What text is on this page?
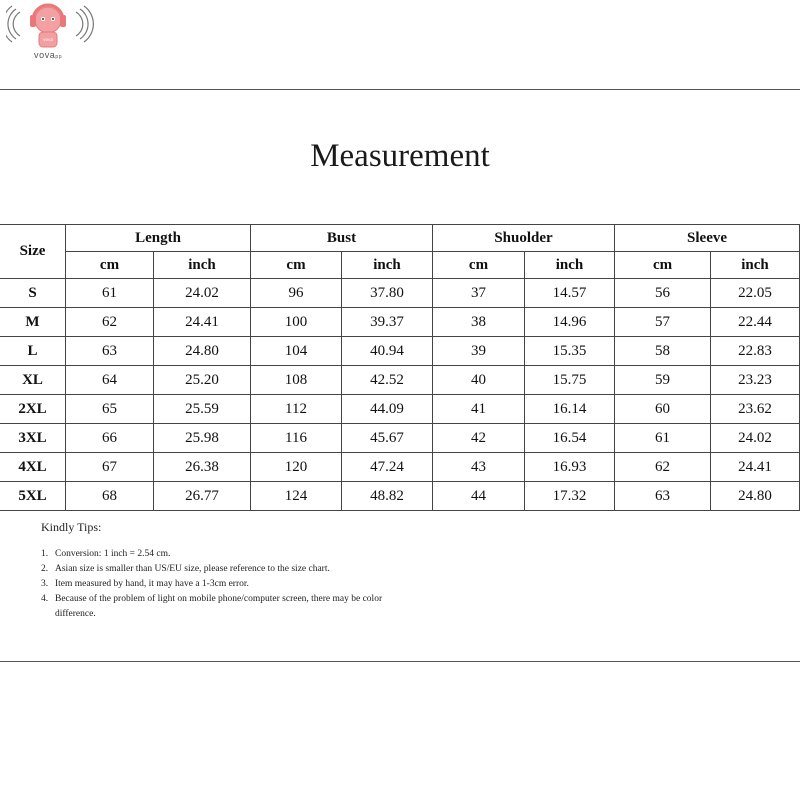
vova
vovapp
Measurement
Size	Length		Bust		Shuolder		Sleeve	
	cm	inch	cm	inch	cm	inch	cm	inch
S	61	24.02	96	37.80	37	14.57	56	22.05
M	62	24.41	100	39.37	38	14.96	57	22.44
L	63	24.80	104	40.94	39	15.35	58	22.83
XL	64	25.20	108	42.52	40	15.75	59	23.23
2XL	65	25.59	112	44.09	41	16.14	60	23.62
3XL	66	25.98	116	45.67	42	16.54	61	24.02
4XL	67	26.38	120	47.24	43	16.93	62	24.41
5XL	68	26.77	124	48.82	44	17.32	63	24.80
Kindly Tips:
1. Conversion: 1 inch = 2.54 cm.
2. Asian size is smaller than US/EU size, please reference to the size chart.
3. Item measured by hand, it may have a 1-3cm error.
4. Because of the problem of light on mobile phone/computer screen, there may be color difference.
